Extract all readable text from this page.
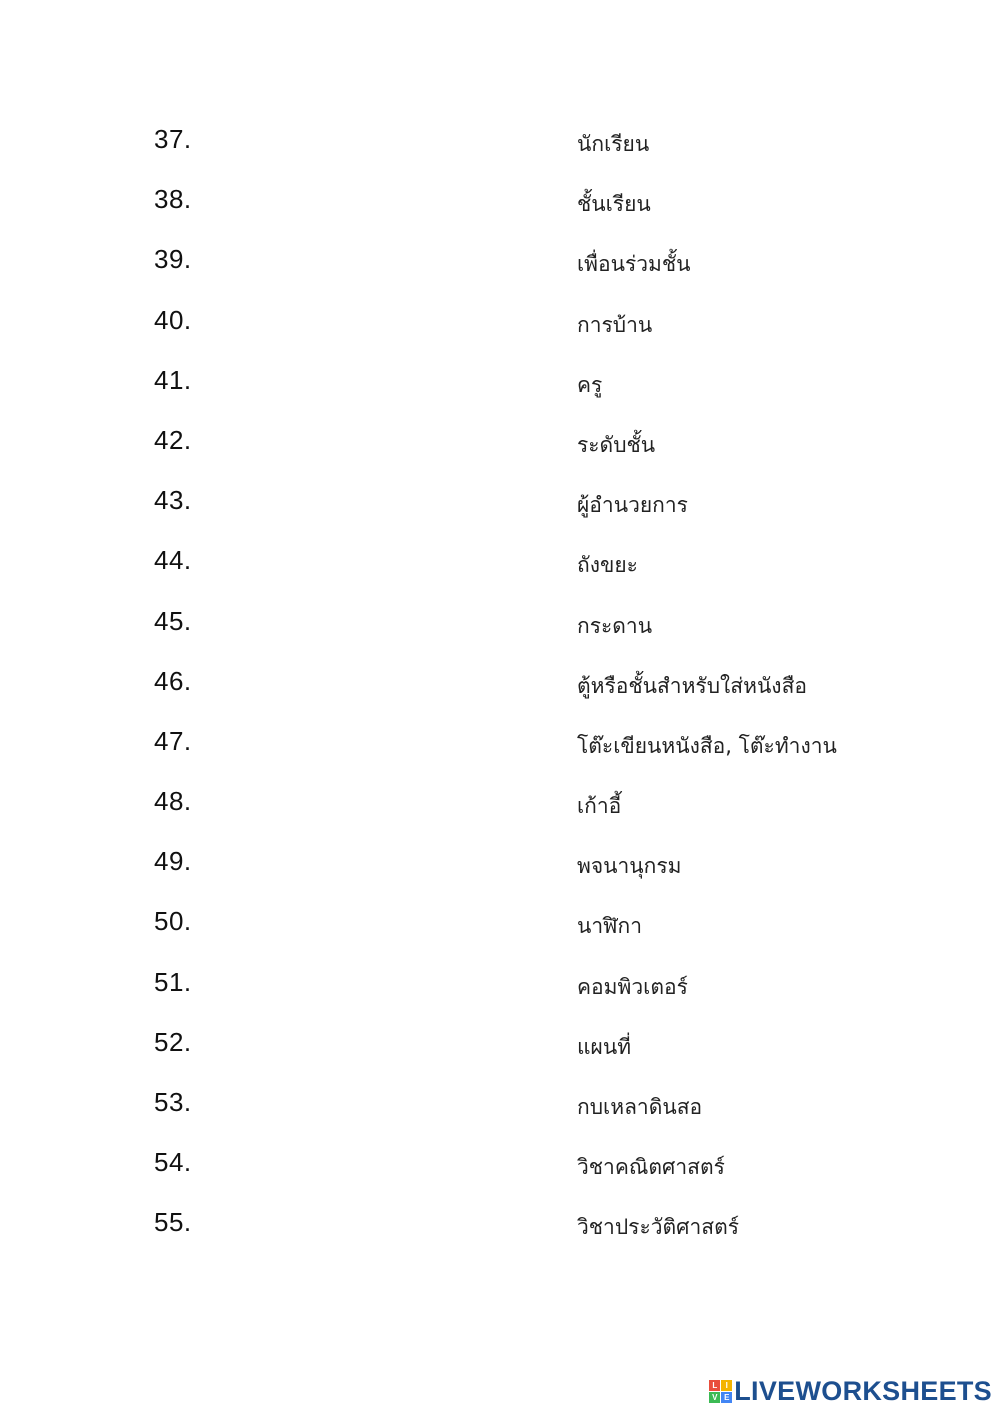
37.	นักเรียน
38.	ชั้นเรียน
39.	เพื่อนร่วมชั้น
40.	การบ้าน
41.	ครู
42.	ระดับชั้น
43.	ผู้อำนวยการ
44.	ถังขยะ
45.	กระดาน
46.	ตู้หรือชั้นสำหรับใส่หนังสือ
47.	โต๊ะเขียนหนังสือ, โต๊ะทำงาน
48.	เก้าอี้
49.	พจนานุกรม
50.	นาฬิกา
51.	คอมพิวเตอร์
52.	แผนที่
53.	กบเหลาดินสอ
54.	วิชาคณิตศาสตร์
55.	วิชาประวัติศาสตร์
L	I
V E LIVEWORKSHEETS
